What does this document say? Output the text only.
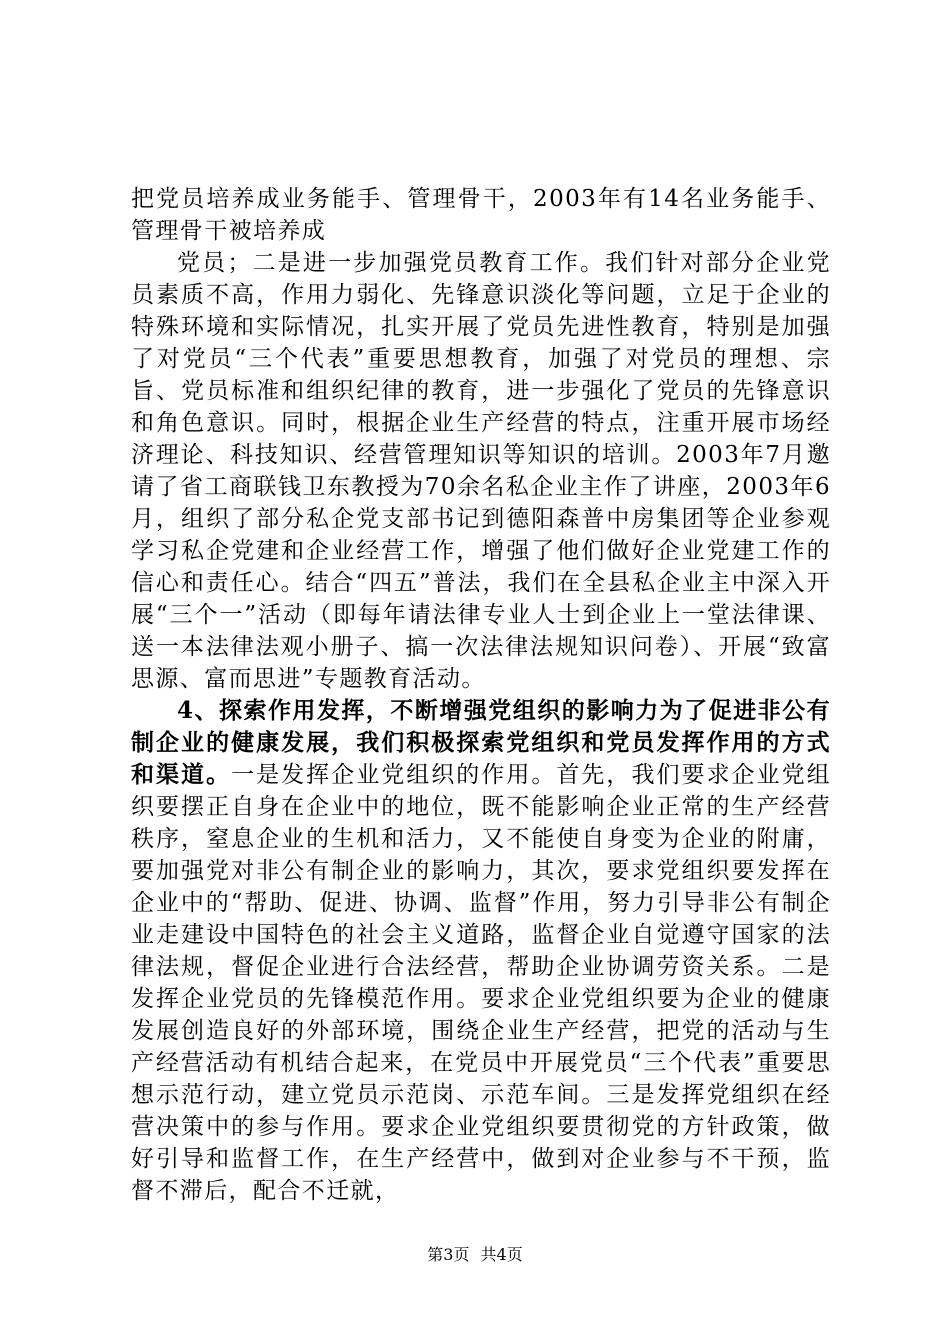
把党员培养成业务能手、管理骨干，2003年有14名业务能手、管理骨干被培养成

党员；二是进一步加强党员教育工作。我们针对部分企业党员素质不高，作用力弱化、先锋意识淡化等问题，立足于企业的特殊环境和实际情况，扎实开展了党员先进性教育，特别是加强了对党员“三个代表”重要思想教育，加强了对党员的理想、宗旨、党员标准和组织纪律的教育，进一步强化了党员的先锋意识和角色意识。同时，根据企业生产经营的特点，注重开展市场经济理论、科技知识、经营管理知识等知识的培训。2003年7月邀请了省工商联钱卫东教授为70余名私企业主作了讲座，2003年6月，组织了部分私企党支部书记到德阳森普中房集团等企业参观学习私企党建和企业经营工作，增强了他们做好企业党建工作的信心和责任心。结合“四五”普法，我们在全县私企业主中深入开展“三个一”活动（即每年请法律专业人士到企业上一堂法律课、送一本法律法观小册子、搞一次法律法规知识问卷）、开展“致富思源、富而思进”专题教育活动。

4、探索作用发挥，不断增强党组织的影响力为了促进非公有制企业的健康发展，我们积极探索党组织和党员发挥作用的方式和渠道。一是发挥企业党组织的作用。首先，我们要求企业党组织要摆正自身在企业中的地位，既不能影响企业正常的生产经营秩序，窒息企业的生机和活力，又不能使自身变为企业的附庸，要加强党对非公有制企业的影响力，其次，要求党组织要发挥在企业中的“帮助、促进、协调、监督”作用，努力引导非公有制企业走建设中国特色的社会主义道路，监督企业自觉遵守国家的法律法规，督促企业进行合法经营，帮助企业协调劳资关系。二是发挥企业党员的先锋模范作用。要求企业党组织要为企业的健康发展创造良好的外部环境，围绕企业生产经营，把党的活动与生产经营活动有机结合起来，在党员中开展党员“三个代表”重要思想示范行动，建立党员示范岗、示范车间。三是发挥党组织在经营决策中的参与作用。要求企业党组织要贯彻党的方针政策，做好引导和监督工作，在生产经营中，做到对企业参与不干预，监督不滞后，配合不迁就，

第3页 共4页
